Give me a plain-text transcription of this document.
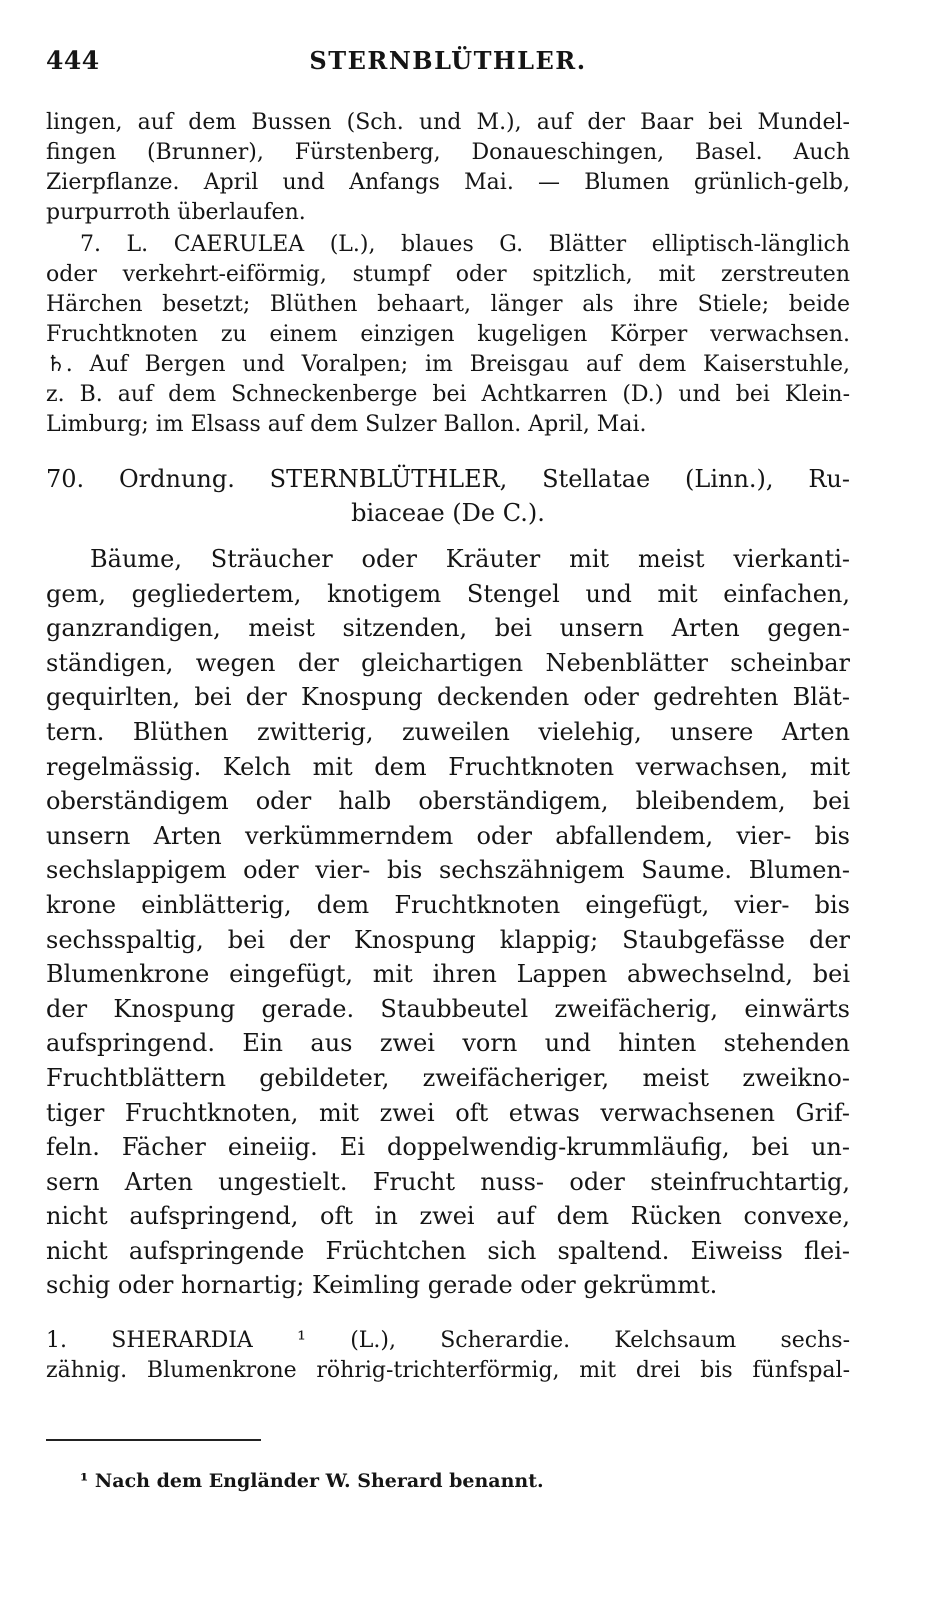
444	STERNBLÜTHLER.
lingen, auf dem Bussen (Sch. und M.), auf der Baar bei Mundel-
fingen (Brunner), Fürstenberg, Donaueschingen, Basel. Auch
Zierpflanze. April und Anfangs Mai. — Blumen grünlich-gelb,
purpurroth überlaufen.
7. L. CAERULEA (L.), blaues G. Blätter elliptisch-länglich
oder verkehrt-eiförmig, stumpf oder spitzlich, mit zerstreuten
Härchen besetzt; Blüthen behaart, länger als ihre Stiele; beide
Fruchtknoten zu einem einzigen kugeligen Körper verwachsen.
♄. Auf Bergen und Voralpen; im Breisgau auf dem Kaiserstuhle,
z. B. auf dem Schneckenberge bei Achtkarren (D.) und bei Klein-
Limburg; im Elsass auf dem Sulzer Ballon. April, Mai.
70. Ordnung. STERNBLÜTHLER, Stellatae (Linn.), Ru-
biaceae (De C.).
Bäume, Sträucher oder Kräuter mit meist vierkanti-
gem, gegliedertem, knotigem Stengel und mit einfachen,
ganzrandigen, meist sitzenden, bei unsern Arten gegen-
ständigen, wegen der gleichartigen Nebenblätter scheinbar
gequirlten, bei der Knospung deckenden oder gedrehten Blät-
tern. Blüthen zwitterig, zuweilen vielehig, unsere Arten
regelmässig. Kelch mit dem Fruchtknoten verwachsen, mit
oberständigem oder halb oberständigem, bleibendem, bei
unsern Arten verkümmerndem oder abfallendem, vier- bis
sechslappigem oder vier- bis sechszähnigem Saume. Blumen-
krone einblätterig, dem Fruchtknoten eingefügt, vier- bis
sechsspaltig, bei der Knospung klappig; Staubgefässe der
Blumenkrone eingefügt, mit ihren Lappen abwechselnd, bei
der Knospung gerade. Staubbeutel zweifächerig, einwärts
aufspringend. Ein aus zwei vorn und hinten stehenden
Fruchtblättern gebildeter, zweifächeriger, meist zweikno-
tiger Fruchtknoten, mit zwei oft etwas verwachsenen Grif-
feln. Fächer eineiig. Ei doppelwendig-krummläufig, bei un-
sern Arten ungestielt. Frucht nuss- oder steinfruchtartig,
nicht aufspringend, oft in zwei auf dem Rücken convexe,
nicht aufspringende Früchtchen sich spaltend. Eiweiss flei-
schig oder hornartig; Keimling gerade oder gekrümmt.
1. SHERARDIA ¹ (L.), Scherardie. Kelchsaum sechs-
zähnig. Blumenkrone röhrig-trichterförmig, mit drei bis fünfspal-
¹ Nach dem Engländer W. Sherard benannt.
